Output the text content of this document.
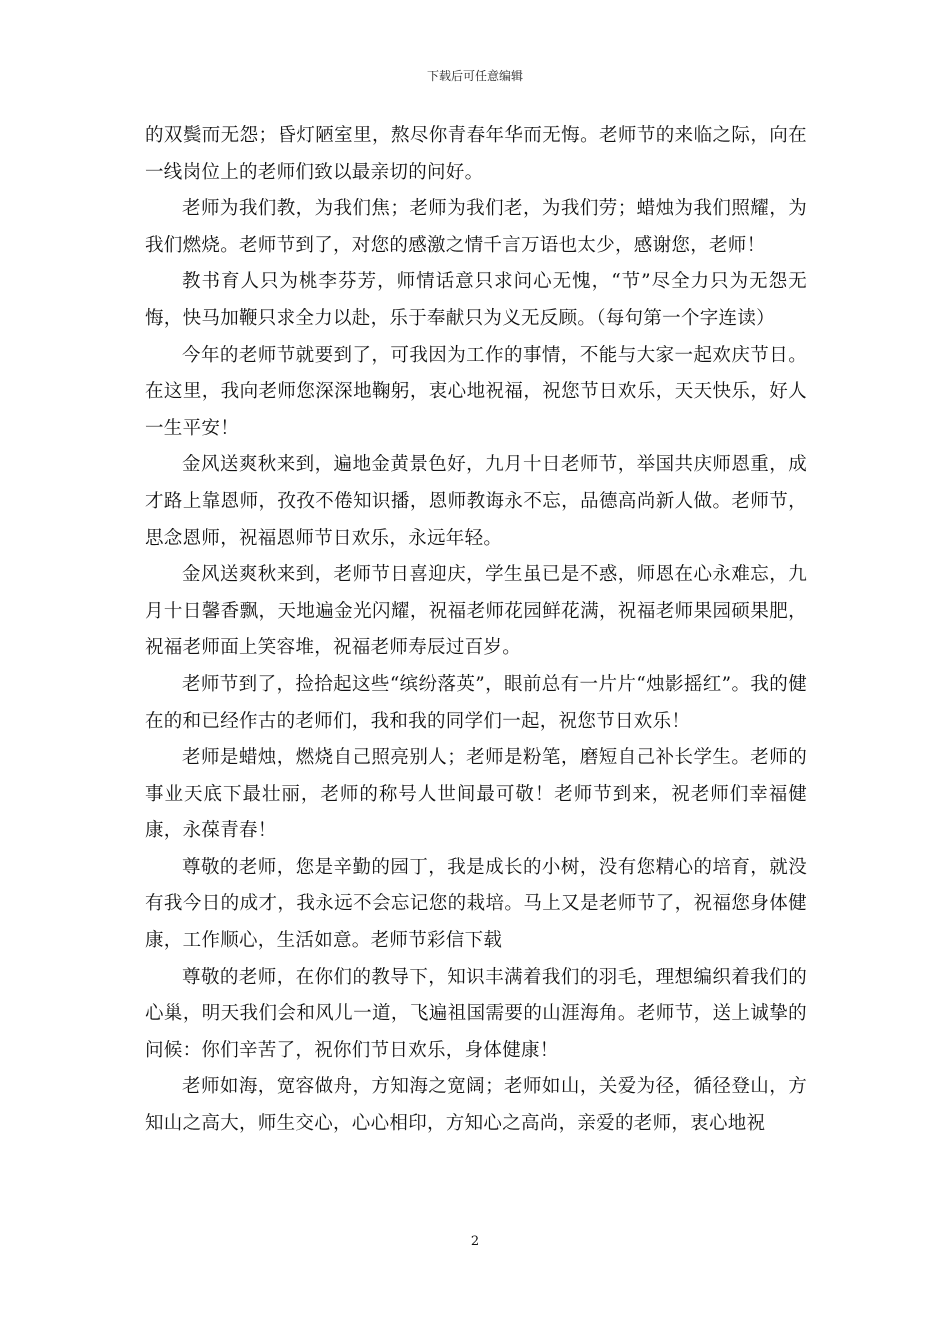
下载后可任意编辑

的双鬓而无怨；昏灯陋室里，熬尽你青春年华而无悔。老师节的来临之际，向在一线岗位上的老师们致以最亲切的问好。

老师为我们教，为我们焦；老师为我们老，为我们劳；蜡烛为我们照耀，为我们燃烧。老师节到了，对您的感激之情千言万语也太少，感谢您，老师！

教书育人只为桃李芬芳，师情话意只求问心无愧，“节”尽全力只为无怨无悔，快马加鞭只求全力以赴，乐于奉献只为义无反顾。（每句第一个字连读）

今年的老师节就要到了，可我因为工作的事情，不能与大家一起欢庆节日。在这里，我向老师您深深地鞠躬，衷心地祝福，祝您节日欢乐，天天快乐，好人一生平安！

金风送爽秋来到，遍地金黄景色好，九月十日老师节，举国共庆师恩重，成才路上靠恩师，孜孜不倦知识播，恩师教诲永不忘，品德高尚新人做。老师节，思念恩师，祝福恩师节日欢乐，永远年轻。

金风送爽秋来到，老师节日喜迎庆，学生虽已是不惑，师恩在心永难忘，九月十日馨香飘，天地遍金光闪耀，祝福老师花园鲜花满，祝福老师果园硕果肥，祝福老师面上笑容堆，祝福老师寿辰过百岁。

老师节到了，捡拾起这些“缤纷落英”，眼前总有一片片“烛影摇红”。我的健在的和已经作古的老师们，我和我的同学们一起，祝您节日欢乐！

老师是蜡烛，燃烧自己照亮别人；老师是粉笔，磨短自己补长学生。老师的事业天底下最壮丽，老师的称号人世间最可敬！老师节到来，祝老师们幸福健康，永葆青春！

尊敬的老师，您是辛勤的园丁，我是成长的小树，没有您精心的培育，就没有我今日的成才，我永远不会忘记您的栽培。马上又是老师节了，祝福您身体健康，工作顺心，生活如意。老师节彩信下载

尊敬的老师，在你们的教导下，知识丰满着我们的羽毛，理想编织着我们的心巢，明天我们会和风儿一道，飞遍祖国需要的山涯海角。老师节，送上诚挚的问候：你们辛苦了，祝你们节日欢乐，身体健康！

老师如海，宽容做舟，方知海之宽阔；老师如山，关爱为径，循径登山，方知山之高大，师生交心，心心相印，方知心之高尚，亲爱的老师，衷心地祝

2
